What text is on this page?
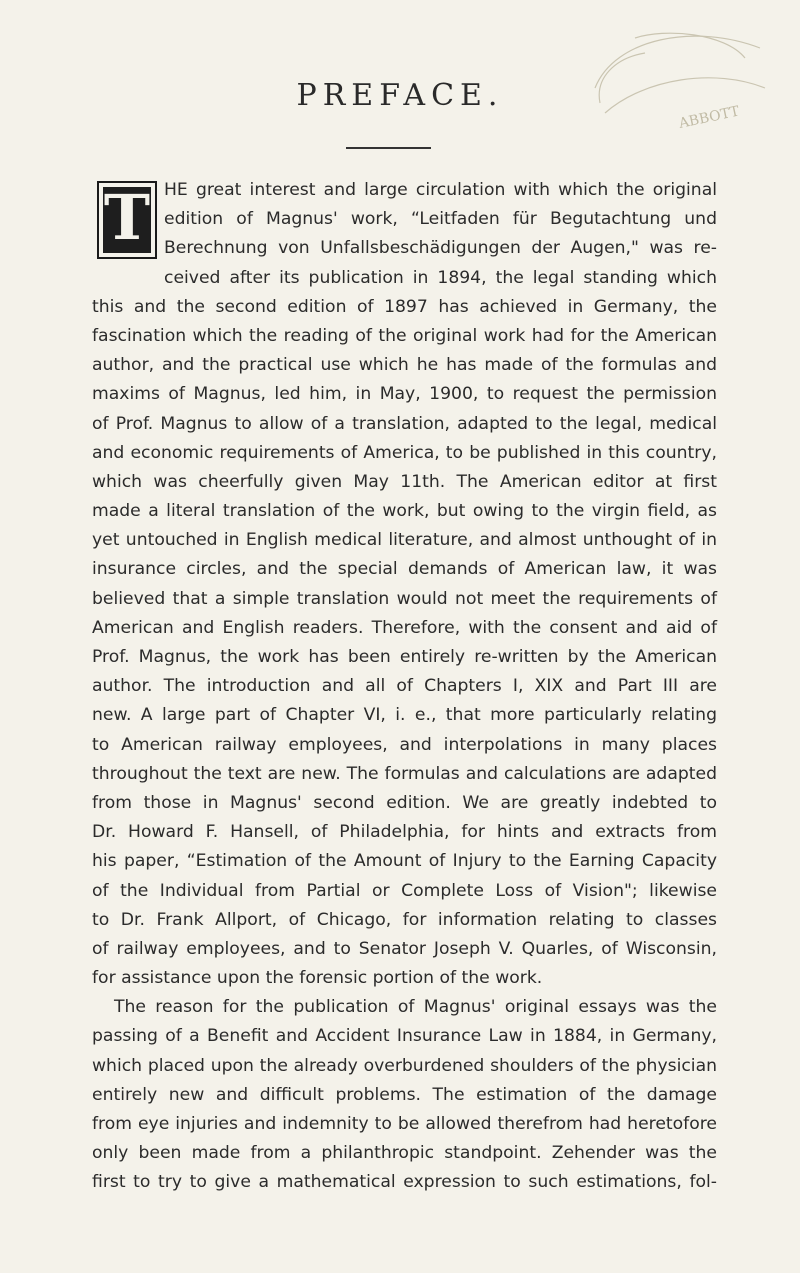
ABBOTT
PREFACE.
T HE great interest and large circulation with which the original
edition of Magnus' work, “Leitfaden für Begutachtung und
Berechnung von Unfallsbeschädigungen der Augen," was re-
ceived after its publication in 1894, the legal standing which
this and the second edition of 1897 has achieved in Germany, the
fascination which the reading of the original work had for the American
author, and the practical use which he has made of the formulas and
maxims of Magnus, led him, in May, 1900, to request the permission
of Prof. Magnus to allow of a translation, adapted to the legal, medical
and economic requirements of America, to be published in this country,
which was cheerfully given May 11th. The American editor at first
made a literal translation of the work, but owing to the virgin field, as
yet untouched in English medical literature, and almost unthought of in
insurance circles, and the special demands of American law, it was
believed that a simple translation would not meet the requirements of
American and English readers. Therefore, with the consent and aid of
Prof. Magnus, the work has been entirely re-written by the American
author. The introduction and all of Chapters I, XIX and Part III are
new. A large part of Chapter VI, i. e., that more particularly relating
to American railway employees, and interpolations in many places
throughout the text are new. The formulas and calculations are adapted
from those in Magnus' second edition. We are greatly indebted to
Dr. Howard F. Hansell, of Philadelphia, for hints and extracts from
his paper, “Estimation of the Amount of Injury to the Earning Capacity
of the Individual from Partial or Complete Loss of Vision"; likewise
to Dr. Frank Allport, of Chicago, for information relating to classes
of railway employees, and to Senator Joseph V. Quarles, of Wisconsin,
for assistance upon the forensic portion of the work.
The reason for the publication of Magnus' original essays was the
passing of a Benefit and Accident Insurance Law in 1884, in Germany,
which placed upon the already overburdened shoulders of the physician
entirely new and difficult problems. The estimation of the damage
from eye injuries and indemnity to be allowed therefrom had heretofore
only been made from a philanthropic standpoint. Zehender was the
first to try to give a mathematical expression to such estimations, fol-
